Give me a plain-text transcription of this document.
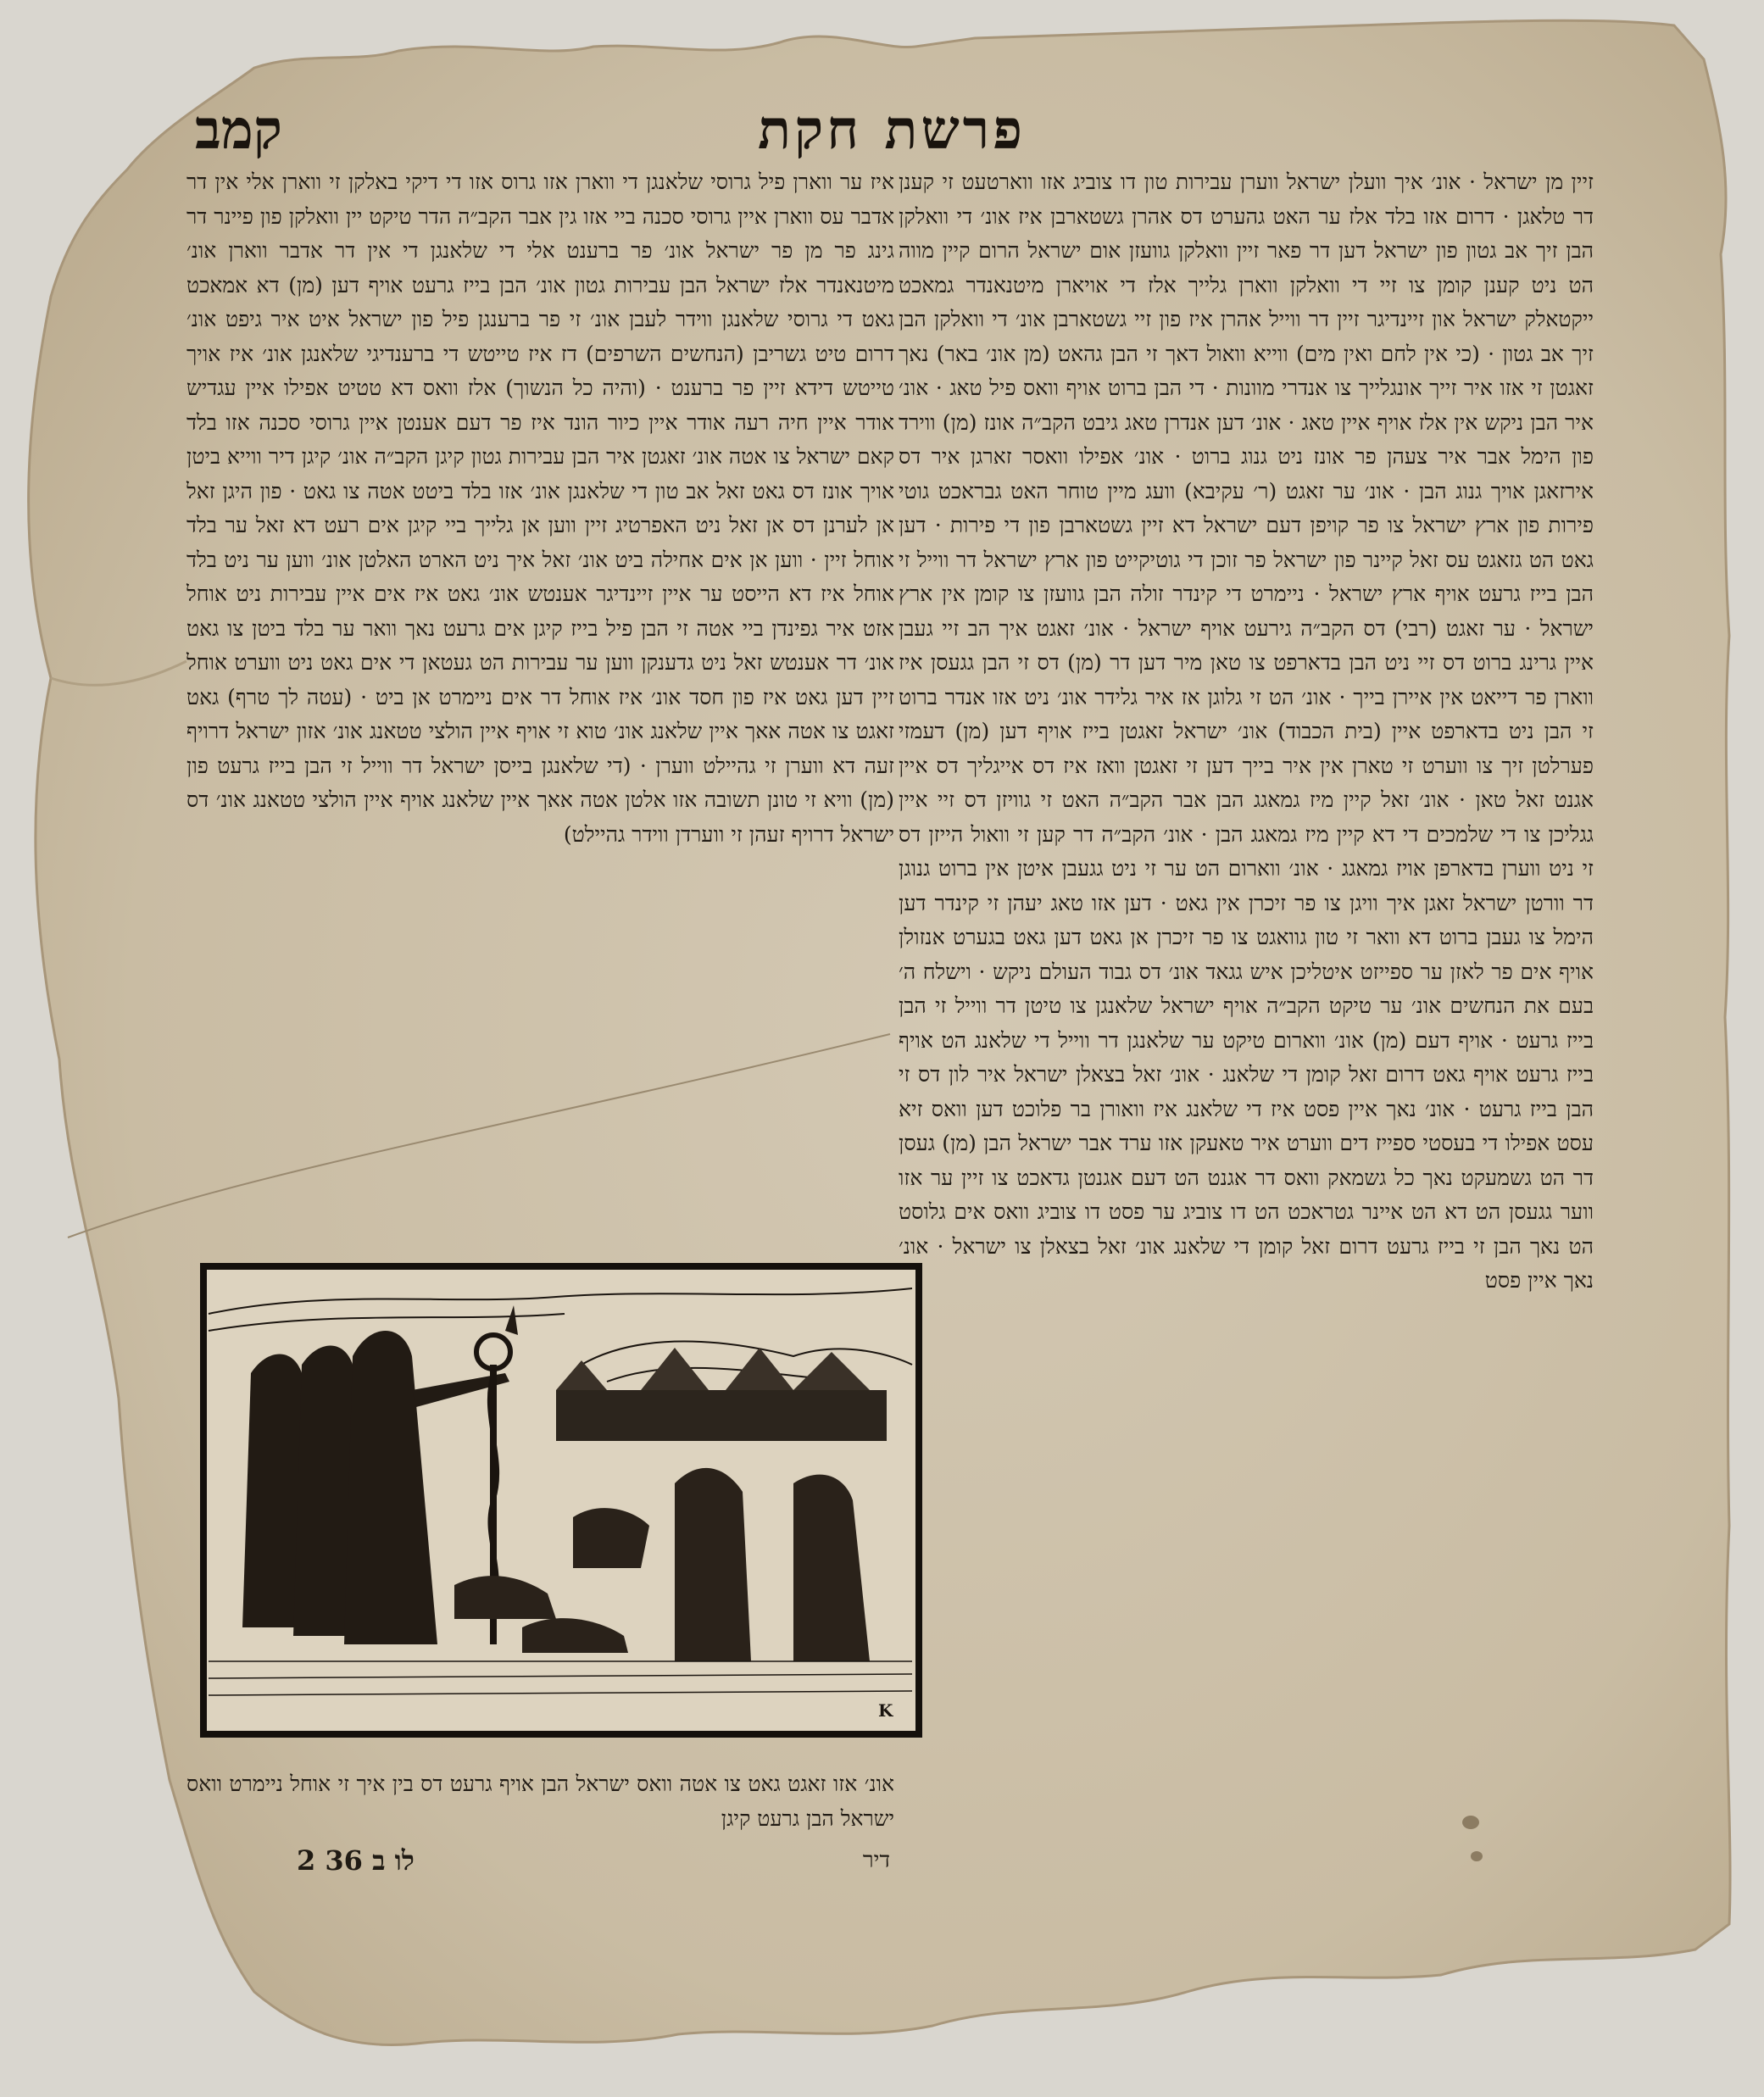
פרשת חקת
קמב

זיין מן ישראל · אונ׳ איך וועלן ישראל ווערן עבירות טון דו צוביג אזו ווארטעט זי קענן דר טלאגן · דרום אזו בלד אלז ער האט גהערט דס אהרן גשטארבן איז אונ׳ די וואלקן הבן זיך אב גטון פון ישראל דען דר פאר זיין וואלקן גוועזן אום ישראל הרום קיין מווה הט ניט קענן קומן צו זיי די וואלקן ווארן גלייך אלז די אויארן מיטנאנדר גמאכט ייקטאלק ישראל און זיינדיגר זיין דר ווייל אהרן איז פון זיי גשטארבן אונ׳ די וואלקן הבן זיך אב גטון · (כי אין לחם ואין מים) ווייא וואול דאך זי הבן גהאט (מן אונ׳ באר) נאך זאגטן זי אזו איר זייך אונגלייך צו אנדרי מוונות · די הבן ברוט אויף וואס פיל טאג · אונ׳ איר הבן ניקש אין אלז אויף איין טאג · אונ׳ דען אנדרן טאג גיבט הקב״ה אונז (מן) ווירד פון הימל אבר איר צעהן פר אונז ניט גנוג ברוט · אונ׳ אפילו וואסר זארגן איר דס אירזאגן אויך גנוג הבן · אונ׳ ער זאגט (ר׳ עקיבא) וועג מיין טוחר האט גבראכט גוטי פירות פון ארץ ישראל צו פר קויפן דעם ישראל דא זיין גשטארבן פון די פירות · דען גאט הט גזאגט עס זאל קיינר פון ישראל פר זוכן די גוטיקייט פון ארץ ישראל דר ווייל זי הבן בייז גרעט אויף ארץ ישראל · ניימרט די קינדר זולה הבן גוועזן צו קומן אין ארץ ישראל · ער זאגט (רבי) דס הקב״ה גירעט אויף ישראל · אונ׳ זאגט איך הב זיי געבן איין גרינג ברוט דס זיי ניט הבן בדארפט צו טאן מיר דען דר (מן) דס זי הבן גגעסן איז ווארן פר דייאט אין איירן בייך · אונ׳ הט זי גלוגן אז איר גלידר אונ׳ ניט אזו אנדר ברוט זי הבן ניט בדארפט איין (בית הכבוד) אונ׳ ישראל זאגטן בייז אויף דען (מן) דעמזי פערלטן זיך צו ווערט זי טארן אין איר בייך דען זי זאגטן וואז איז דס אייגליך דס איין אגנט זאל טאן · אונ׳ זאל קיין מיז גמאגג הבן אבר הקב״ה האט זי גוויזן דס זיי איין גגליכן צו די שלמכים די דא קיין מיז גמאגג הבן · אונ׳ הקב״ה דר קען זי וואול הייזן דס זי ניט ווערן בדארפן אויז גמאגג · אונ׳ ווארום הט ער זי ניט גגעבן איטן אין ברוט גנוגן דר וורטן ישראל זאגן איך וויגן צו פר זיכרן אין גאט · דען אזו טאג יעהן זי קינדר דען הימל צו געבן ברוט דא וואר זי טון גוואגט צו פר זיכרן אן גאט דען גאט בגערט אנזולן אויף אים פר לאזן ער ספייזט איטליכן איש גגאד אונ׳ דס גבוד העולם ניקש · וישלח ה׳ בעם את הנחשים אונ׳ ער טיקט הקב״ה אויף ישראל שלאנגן צו טיטן דר ווייל זי הבן בייז גרעט · אויף דעם (מן) אונ׳ ווארום טיקט ער שלאנגן דר ווייל די שלאנג הט אויף בייז גרעט אויף גאט דרום זאל קומן די שלאנג · אונ׳ זאל בצאלן ישראל איר לון דס זי הבן בייז גרעט · אונ׳ נאך איין פסט איז די שלאנג איז וואורן בר פלוכט דען וואס זיא עסט אפילו די בעסטי ספייז דים ווערט איר טאעקן אזו ערד אבר ישראל הבן (מן) געסן דר הט גשמעקט נאך כל גשמאק וואס דר אגנט הט דעם אגנטן גדאכט צו זיין ער אזו ווער גגעסן הט דא הט איינר גטראכט הט דו צוביג ער פסט דו צוביג וואס אים גלוסט הט נאך הבן זי בייז גרעט דרום זאל קומן די שלאנג אונ׳ זאל בצאלן צו ישראל · אונ׳ נאך איין פסט

איז ער ווארן פיל גרוסי שלאנגן די ווארן אזו גרוס אזו די דיקי באלקן זי ווארן אלי אין דר אדבר עס ווארן איין גרוסי סכנה ביי אזו גין אבר הקב״ה הדר טיקט יין וואלקן פון פיינר דר גינג פר מן פר ישראל אונ׳ פר ברענט אלי די שלאנגן די אין דר אדבר ווארן אונ׳ מיטנאנדר אלז ישראל הבן עבירות גטון אונ׳ הבן בייז גרעט אויף דען (מן) דא אמאכט גאט די גרוסי שלאנגן ווידר לעבן אונ׳ זי פר ברענגן פיל פון ישראל איט איר גיפט אונ׳ דרום טיט גשריבן (הנחשים השרפים) דז איז טייטש די ברענדיגי שלאנגן אונ׳ איז אויך טייטש דידא זיין פר ברענט · (והיה כל הנשוך) אלז וואס דא טטיט אפילו איין עגדיש אודר איין חיה רעה אודר איין כיור הונד איז פר דעם אענטן איין גרוסי סכנה אזו בלד קאם ישראל צו אטה אונ׳ זאגטן איר הבן עבירות גטון קיגן הקב״ה אונ׳ קיגן דיר ווייא ביטן אויך אונז דס גאט זאל אב טון די שלאנגן אונ׳ אזו בלד ביטט אטה צו גאט · פון היגן זאל אן לערנן דס אן זאל ניט האפרטיג זיין ווען אן גלייך ביי קיגן אים רעט דא זאל ער בלד אוחל זיין · ווען אן אים אחילה ביט אונ׳ זאל איך ניט הארט האלטן אונ׳ ווען ער ניט בלד אוחל איז דא הייסט ער איין זיינדיגר אענטש אונ׳ גאט איז אים איין עבירות ניט אוחל אזט איר גפינדן ביי אטה זי הבן פיל בייז קיגן אים גרעט נאך וואר ער בלד ביטן צו גאט אונ׳ דר אענטש זאל ניט גדענקן ווען ער עבירות הט געטאן די אים גאט ניט ווערט אוחל זיין דען גאט איז פון חסד אונ׳ איז אוחל דר אים ניימרט אן ביט · (עטה לך טרף) גאט זאגט צו אטה אאך איין שלאנג אונ׳ טוא זי אויף איין הולצי טטאנג אונ׳ אזון ישראל דרויף זעה דא ווערן זי גהיילט ווערן · (די שלאנגן בייסן ישראל דר ווייל זי הבן בייז גרעט פון (מן) וויא זי טונן תשובה אזו אלטן אטה אאך איין שלאנג אויף איין הולצי טטאנג אונ׳ דס ישראל דרויף זעהן זי ווערדן ווידר גהיילט)

K

אונ׳ אזו זאגט גאט צו אטה וואס ישראל הבן אויף גרעט דס בין איך זי אוחל ניימרט וואס ישראל הבן גרעט קיגן

2 36 לו ב	דיר
